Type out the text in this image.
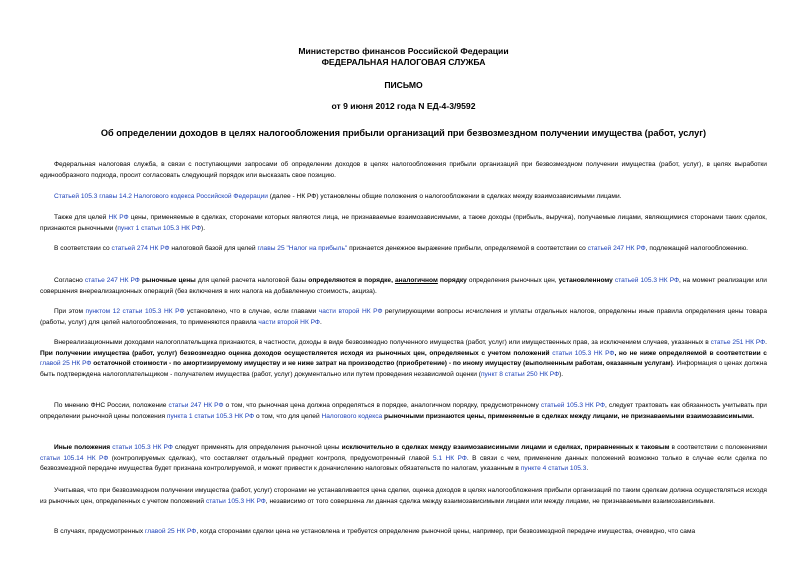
Министерство финансов Российской Федерации
ФЕДЕРАЛЬНАЯ НАЛОГОВАЯ СЛУЖБА
ПИСЬМО
от 9 июня 2012 года N ЕД-4-3/9592
Об определении доходов в целях налогообложения прибыли организаций при безвозмездном получении имущества (работ, услуг)
Федеральная налоговая служба, в связи с поступающими запросами об определении доходов в целях налогообложения прибыли организаций при безвозмездном получении имущества (работ, услуг), в целях выработки единообразного подхода, просит согласовать следующий порядок или высказать свое позицию.
Статьей 105.3 главы 14.2 Налогового кодекса Российской Федерации (далее - НК РФ) установлены общие положения о налогообложении в сделках между взаимозависимыми лицами.
Также для целей НК РФ цены, применяемые в сделках, сторонами которых являются лица, не признаваемые взаимозависимыми, а также доходы (прибыль, выручка), получаемые лицами, являющимися сторонами таких сделок, признаются рыночными (пункт 1 статьи 105.3 НК РФ).
В соответствии со статьей 274 НК РФ налоговой базой для целей главы 25 "Налог на прибыль" признается денежное выражение прибыли, определяемой в соответствии со статьей 247 НК РФ, подлежащей налогообложению.
Согласно статье 247 НК РФ рыночные цены для целей расчета налоговой базы определяются в порядке, аналогичном порядку определения рыночных цен, установленному статьей 105.3 НК РФ, на момент реализации или совершения внереализационных операций (без включения в них налога на добавленную стоимость, акциза).
При этом пунктом 12 статьи 105.3 НК РФ установлено, что в случае, если главами части второй НК РФ регулирующими вопросы исчисления и уплаты отдельных налогов, определены иные правила определения цены товара (работы, услуг) для целей налогообложения, то применяются правила части второй НК РФ.
Внереализационными доходами налогоплательщика признаются, в частности, доходы в виде безвозмездно полученного имущества (работ, услуг) или имущественных прав, за исключением случаев, указанных в статье 251 НК РФ. При получении имущества (работ, услуг) безвозмездно оценка доходов осуществляется исходя из рыночных цен, определяемых с учетом положений статьи 105.3 НК РФ, но не ниже определяемой в соответствии с главой 25 НК РФ остаточной стоимости - по амортизируемому имуществу и не ниже затрат на производство (приобретение) - по иному имуществу (выполненным работам, оказанным услугам). Информация о ценах должна быть подтверждена налогоплательщиком - получателем имущества (работ, услуг) документально или путем проведения независимой оценки (пункт 8 статьи 250 НК РФ).
По мнению ФНС России, положение статьи 247 НК РФ о том, что рыночная цена должна определяться в порядке, аналогичном порядку, предусмотренному статьей 105.3 НК РФ, следует трактовать как обязанность учитывать при определении рыночной цены положения пункта 1 статьи 105.3 НК РФ о том, что для целей Налогового кодекса рыночными признаются цены, применяемые в сделках между лицами, не признаваемыми взаимозависимыми.
Иные положения статьи 105.3 НК РФ следует применять для определения рыночной цены исключительно в сделках между взаимозависимыми лицами и сделках, приравненных к таковым в соответствии с положениями статьи 105.14 НК РФ (контролируемых сделках), что составляет отдельный предмет контроля, предусмотренный главой 5.1 НК РФ. В связи с чем, применение данных положений возможно только в случае если сделка по безвозмездной передаче имущества будет признана контролируемой, и может привести к доначислению налоговых обязательств по налогам, указанным в пункте 4 статьи 105.3.
Учитывая, что при безвозмездном получении имущества (работ, услуг) сторонами не устанавливается цена сделки, оценка доходов в целях налогообложения прибыли организаций по таким сделкам должна осуществляться исходя из рыночных цен, определенных с учетом положений статьи 105.3 НК РФ, независимо от того совершена ли данная сделка между взаимозависимыми лицами или между лицами, не признаваемыми взаимозависимыми.
В случаях, предусмотренных главой 25 НК РФ, когда сторонами сделки цена не установлена и требуется определение рыночной цены, например, при безвозмездной передаче имущества, очевидно, что сама
